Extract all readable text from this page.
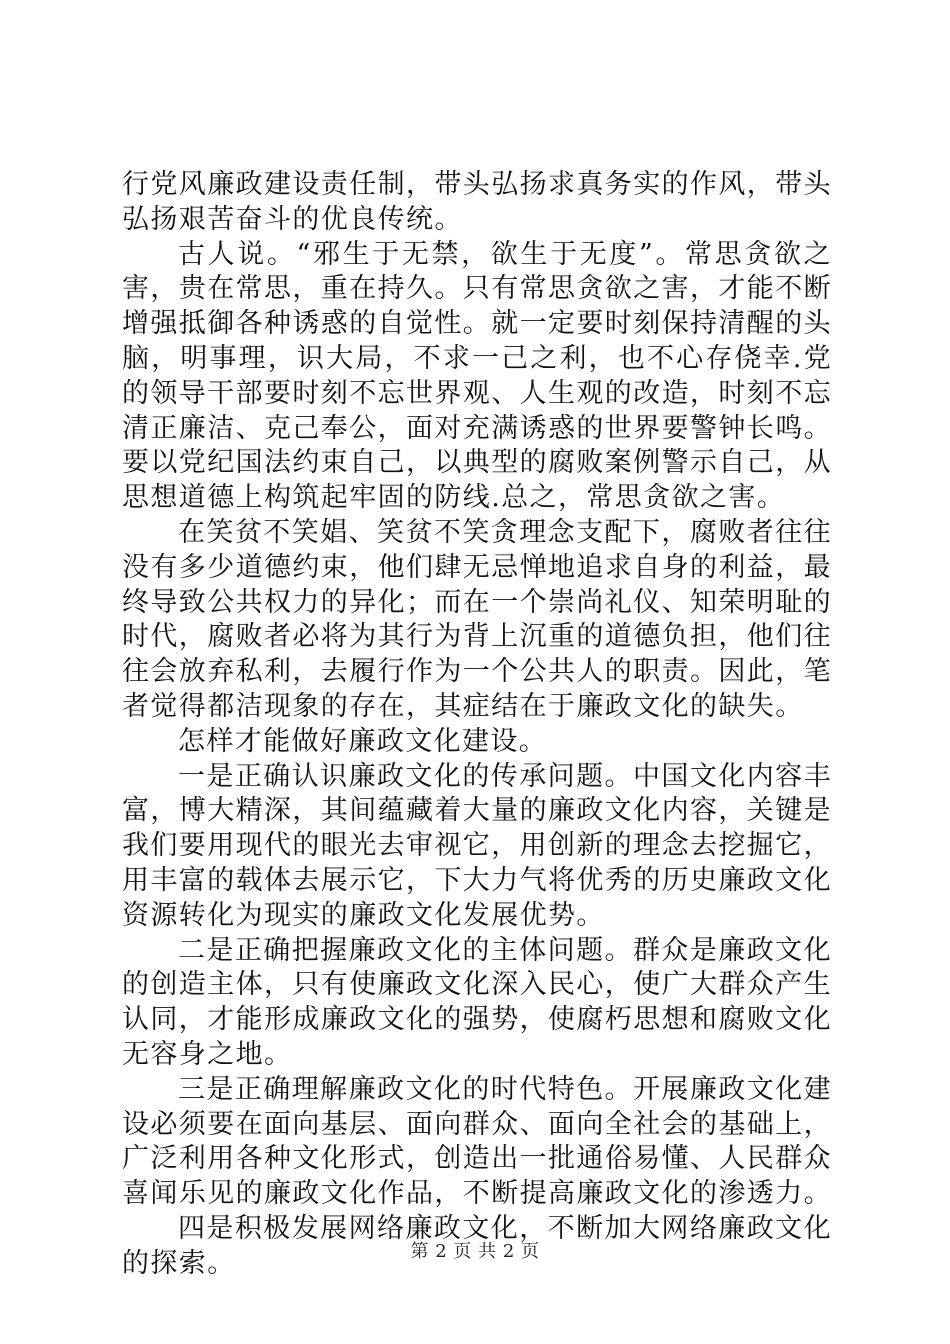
行党风廉政建设责任制，带头弘扬求真务实的作风，带头弘扬艰苦奋斗的优良传统。

古人说。“邪生于无禁，欲生于无度”。常思贪欲之害，贵在常思，重在持久。只有常思贪欲之害，才能不断增强抵御各种诱惑的自觉性。就一定要时刻保持清醒的头脑，明事理，识大局，不求一己之利，也不心存侥幸.党的领导干部要时刻不忘世界观、人生观的改造，时刻不忘清正廉洁、克己奉公，面对充满诱惑的世界要警钟长鸣。要以党纪国法约束自己，以典型的腐败案例警示自己，从思想道德上构筑起牢固的防线.总之，常思贪欲之害。

在笑贫不笑娼、笑贫不笑贪理念支配下，腐败者往往没有多少道德约束，他们肆无忌惮地追求自身的利益，最终导致公共权力的异化；而在一个崇尚礼仪、知荣明耻的时代，腐败者必将为其行为背上沉重的道德负担，他们往往会放弃私利，去履行作为一个公共人的职责。因此，笔者觉得都洁现象的存在，其症结在于廉政文化的缺失。

怎样才能做好廉政文化建设。

一是正确认识廉政文化的传承问题。中国文化内容丰富，博大精深，其间蕴藏着大量的廉政文化内容，关键是我们要用现代的眼光去审视它，用创新的理念去挖掘它，用丰富的载体去展示它，下大力气将优秀的历史廉政文化资源转化为现实的廉政文化发展优势。

二是正确把握廉政文化的主体问题。群众是廉政文化的创造主体，只有使廉政文化深入民心，使广大群众产生认同，才能形成廉政文化的强势，使腐朽思想和腐败文化无容身之地。

三是正确理解廉政文化的时代特色。开展廉政文化建设必须要在面向基层、面向群众、面向全社会的基础上，广泛利用各种文化形式，创造出一批通俗易懂、人民群众喜闻乐见的廉政文化作品，不断提高廉政文化的渗透力。

四是积极发展网络廉政文化，不断加大网络廉政文化的探索。	第 2 页 共 2 页
